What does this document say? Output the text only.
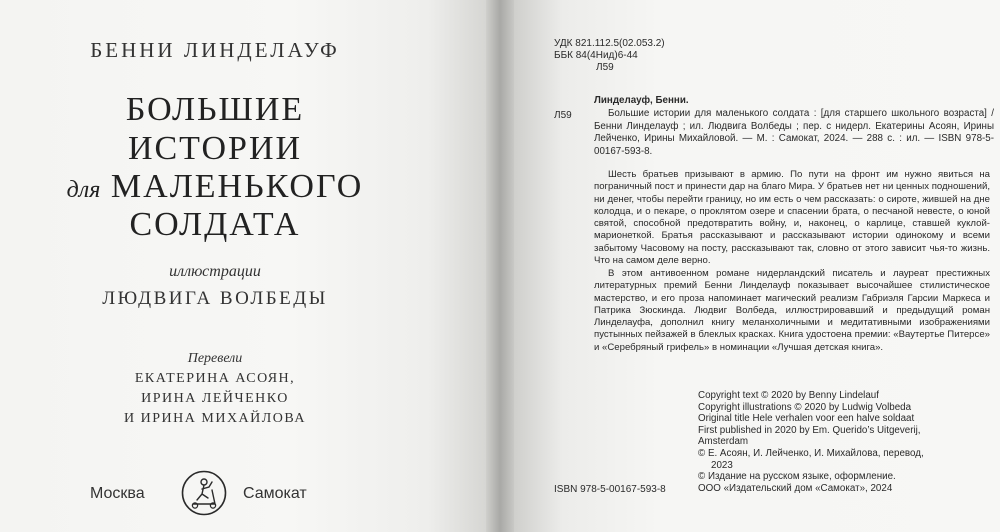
БЕННИ ЛИНДЕЛАУФ
БОЛЬШИЕ
ИСТОРИИ
для МАЛЕНЬКОГО
СОЛДАТА
иллюстрации
ЛЮДВИГА ВОЛБЕДЫ
Перевели
ЕКАТЕРИНА АСОЯН,
ИРИНА ЛЕЙЧЕНКО
И ИРИНА МИХАЙЛОВА
Москва	Самокат
УДК 821.112.5(02.053.2)
ББК 84(4Нид)6-44
Л59
Л59
Линделауф, Бенни.
Большие истории для маленького солдата : [для старшего школьного возраста] / Бенни Линделауф ; ил. Людвига Волбеды ; пер. с нидерл. Екатерины Асоян, Ирины Лейченко, Ирины Михайловой. — М. : Самокат, 2024. — 288 с. : ил. — ISBN 978-5-00167-593-8.

Шесть братьев призывают в армию. По пути на фронт им нужно явиться на пограничный пост и принести дар на благо Мира. У братьев нет ни ценных подношений, ни денег, чтобы перейти границу, но им есть о чем рассказать: о сироте, жившей на дне колодца, и о пекаре, о проклятом озере и спасении брата, о песчаной невесте, о юной святой, способной предотвратить войну, и, наконец, о карлице, ставшей куклой-марионеткой. Братья рассказывают и рассказывают истории одинокому и всеми забытому Часовому на посту, рассказывают так, словно от этого зависит чья-то жизнь. Что на самом деле верно.

В этом антивоенном романе нидерландский писатель и лауреат престижных литературных премий Бенни Линделауф показывает высочайшее стилистическое мастерство, и его проза напоминает магический реализм Габриэля Гарсии Маркеса и Патрика Зюскинда. Людвиг Волбеда, иллюстрировавший и предыдущий роман Линделауфа, дополнил книгу меланхоличными и медитативными изображениями пустынных пейзажей в блеклых красках. Книга удостоена премии: «Ваутертье Питерсе» и «Серебряный грифель» в номинации «Лучшая детская книга».

Copyright text © 2020 by Benny Lindelauf
Copyright illustrations © 2020 by Ludwig Volbeda
Original title Hele verhalen voor een halve soldaat
First published in 2020 by Em. Querido’s Uitgeverij,
Amsterdam
© Е. Асоян, И. Лейченко, И. Михайлова, перевод,
2023
© Издание на русском языке, оформление.
ООО «Издательский дом «Самокат», 2024
ISBN 978-5-00167-593-8
